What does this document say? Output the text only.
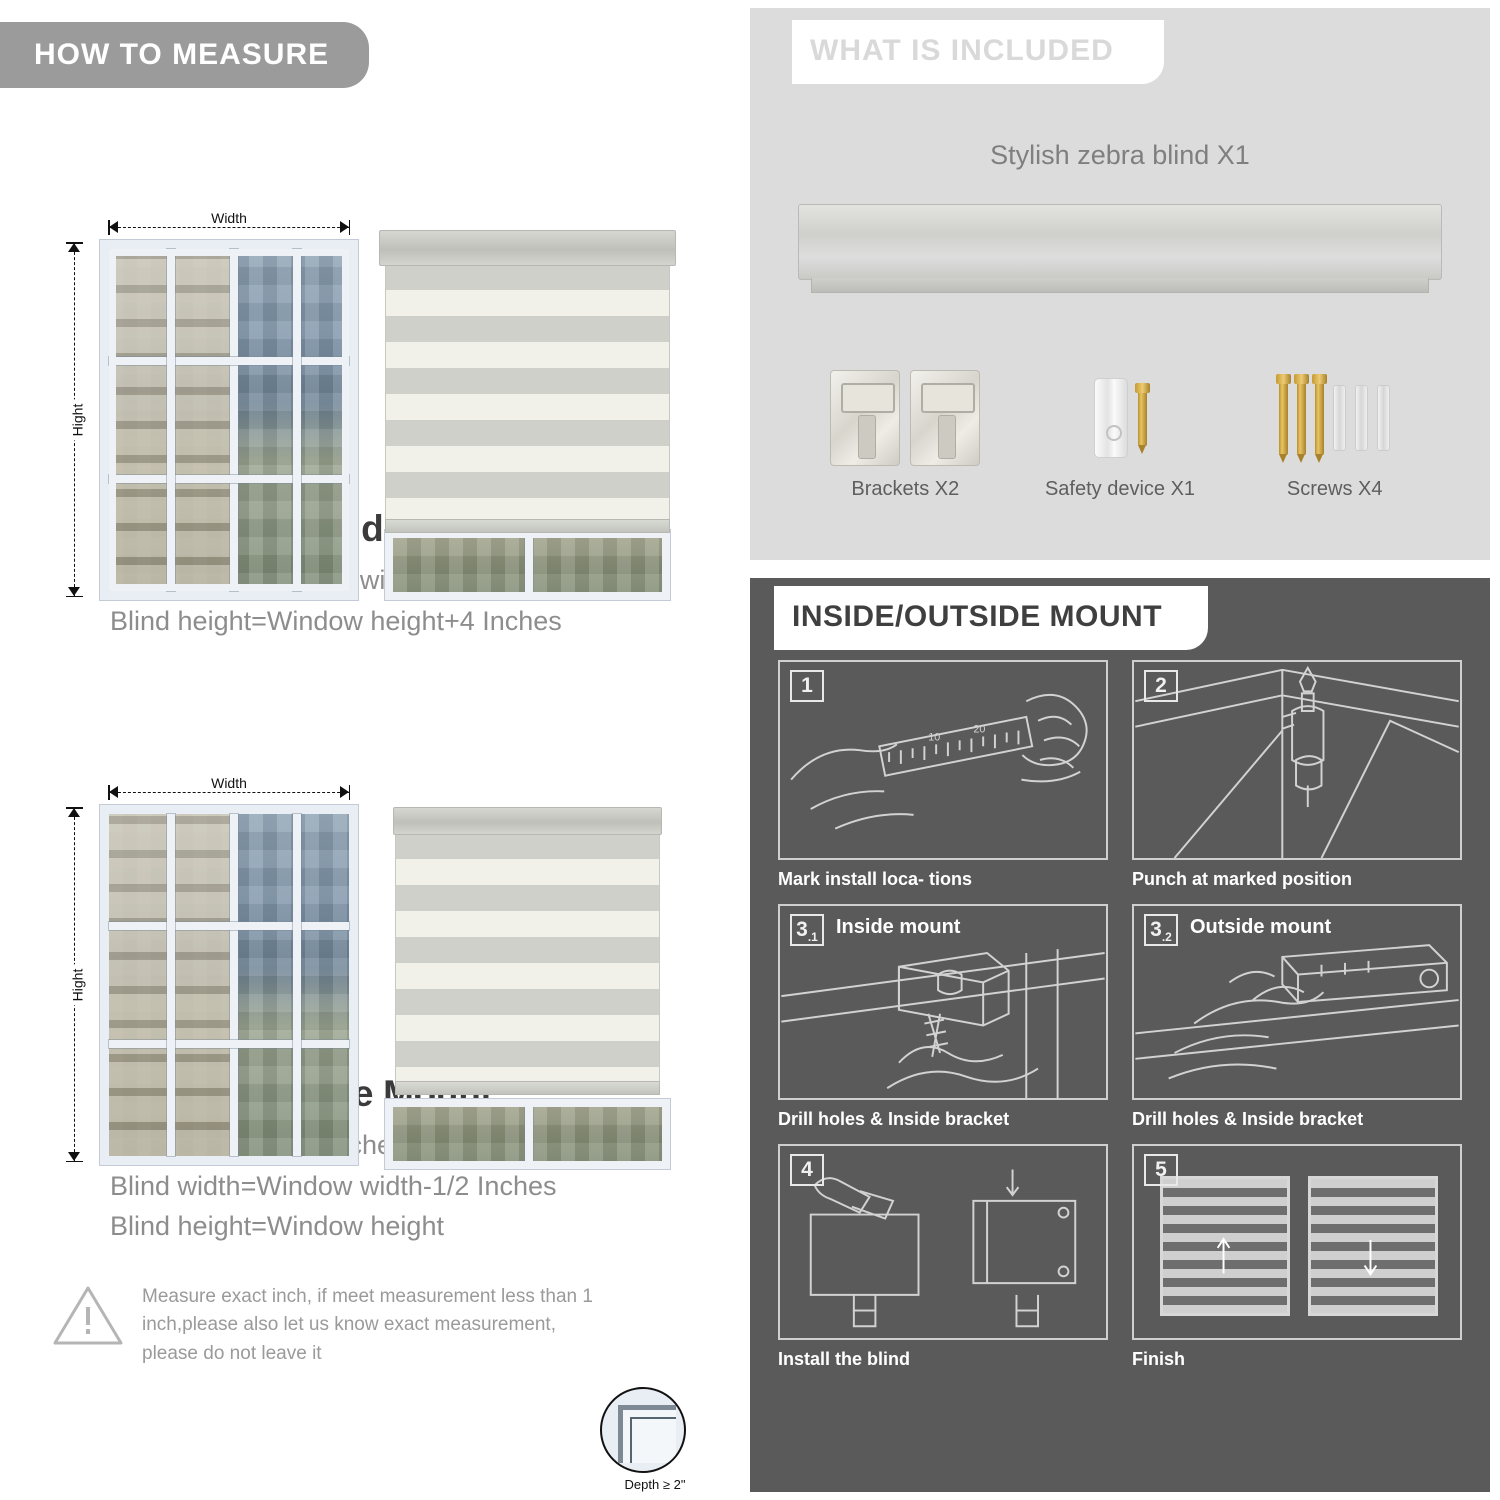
HOW TO MEASURE
Width
Hight
Blind height=Window height+4 Inches
Width
Hight
Depth ≥ 2"
Inches
Blind width=Window width-1/2 Inches
Blind height=Window height
Measure exact inch, if meet measurement less than 1 inch,please also let us know exact measurement, please do not leave it
WHAT IS INCLUDED
Stylish zebra blind X1
Brackets X2	Safety device X1	Screws X4
INSIDE/OUTSIDE MOUNT
1
10
20
Mark install loca- tions
2
Punch at marked position
3 .1 Inside mount
Drill holes & Inside bracket
3 .2 Outside mount
Drill holes & Inside bracket
4
Install the blind
5
Finish
